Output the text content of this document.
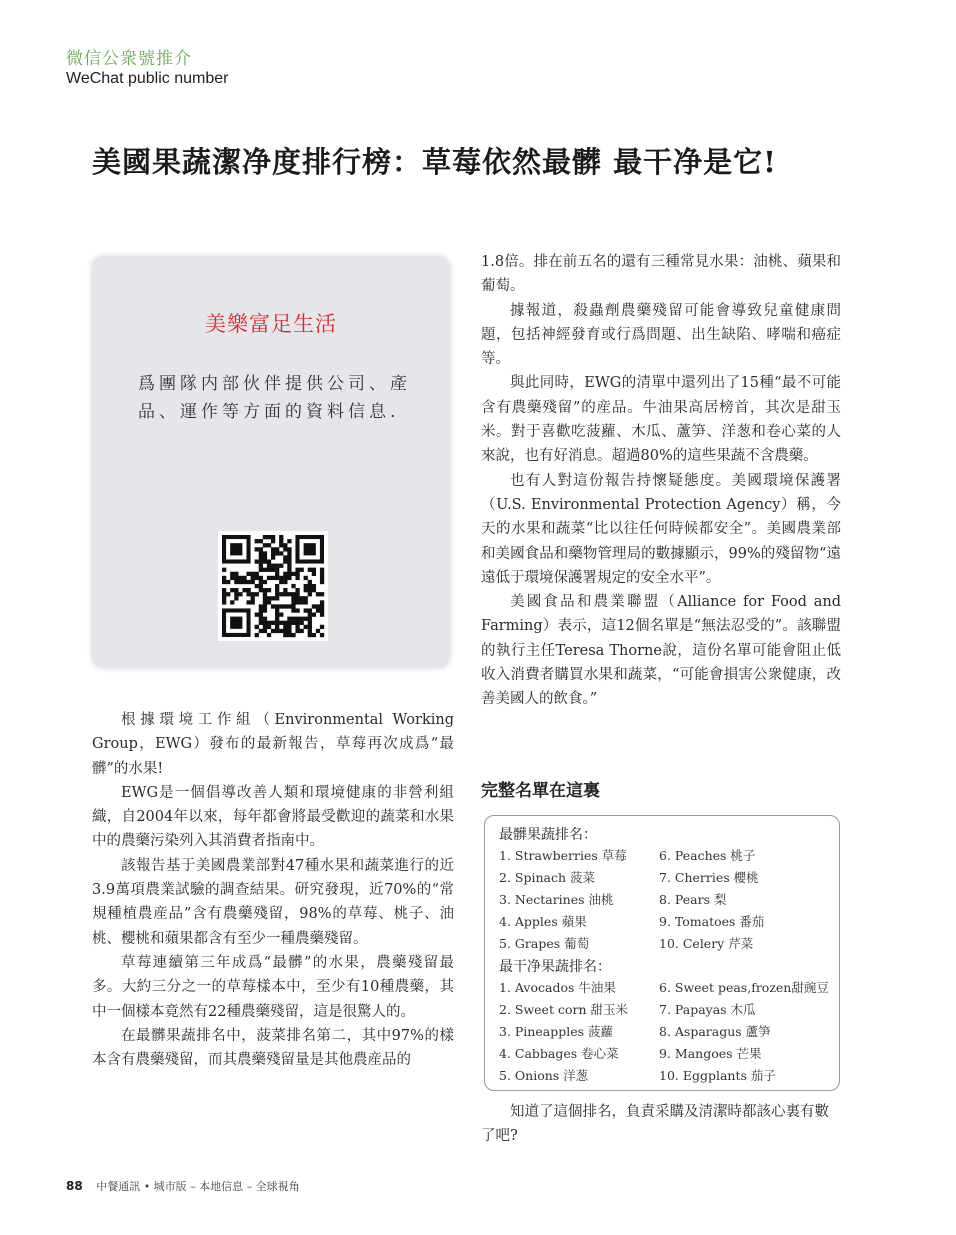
微信公衆號推介
WeChat public number
美國果蔬潔净度排行榜：草莓依然最髒 最干净是它!
美樂富足生活
爲團隊内部伙伴提供公司、產品、運作等方面的資料信息.

根據環境工作組（Environmental Working Group，EWG）發布的最新報告，草莓再次成爲“最髒”的水果!

EWG是一個倡導改善人類和環境健康的非營利組織，自2004年以來，每年都會將最受歡迎的蔬菜和水果中的農藥污染列入其消費者指南中。

該報告基于美國農業部對47種水果和蔬菜進行的近3.9萬項農業試驗的調查結果。研究發現，近70%的“常規種植農産品”含有農藥殘留，98%的草莓、桃子、油桃、櫻桃和蘋果都含有至少一種農藥殘留。

草莓連續第三年成爲“最髒”的水果，農藥殘留最多。大約三分之一的草莓樣本中，至少有10種農藥，其中一個樣本竟然有22種農藥殘留，這是很驚人的。

在最髒果蔬排名中，菠菜排名第二，其中97%的樣本含有農藥殘留，而其農藥殘留量是其他農産品的

1.8倍。排在前五名的還有三種常見水果：油桃、蘋果和葡萄。

據報道，殺蟲劑農藥殘留可能會導致兒童健康問題，包括神經發育或行爲問題、出生缺陷、哮喘和癌症等。

與此同時，EWG的清單中還列出了15種“最不可能含有農藥殘留”的産品。牛油果高居榜首，其次是甜玉米。對于喜歡吃菠蘿、木瓜、蘆笋、洋葱和卷心菜的人來說，也有好消息。超過80%的這些果蔬不含農藥。

也有人對這份報告持懷疑態度。美國環境保護署（U.S. Environmental Protection Agency）稱，今天的水果和蔬菜“比以往任何時候都安全”。美國農業部和美國食品和藥物管理局的數據顯示，99%的殘留物“遠遠低于環境保護署規定的安全水平”。

美國食品和農業聯盟（Alliance for Food and Farming）表示，這12個名單是“無法忍受的”。該聯盟的執行主任Teresa Thorne說，這份名單可能會阻止低收入消費者購買水果和蔬菜，“可能會損害公衆健康，改善美國人的飲食。”

完整名單在這裏
最髒果蔬排名：
1. Strawberries 草莓
2. Spinach 菠菜
3. Nectarines 油桃
4. Apples 蘋果
5. Grapes 葡萄
6. Peaches 桃子
7. Cherries 櫻桃
8. Pears 梨
9. Tomatoes 番茄
10. Celery 芹菜
最干净果蔬排名：
1. Avocados 牛油果
2. Sweet corn 甜玉米
3. Pineapples 菠蘿
4. Cabbages 卷心菜
5. Onions 洋葱
6. Sweet peas,frozen甜豌豆
7. Papayas 木瓜
8. Asparagus 蘆笋
9. Mangoes 芒果
10. Eggplants 茄子

知道了這個排名，負責采購及清潔時都該心裏有數了吧?

88 中餐通訊 • 城市版 – 本地信息 – 全球視角
